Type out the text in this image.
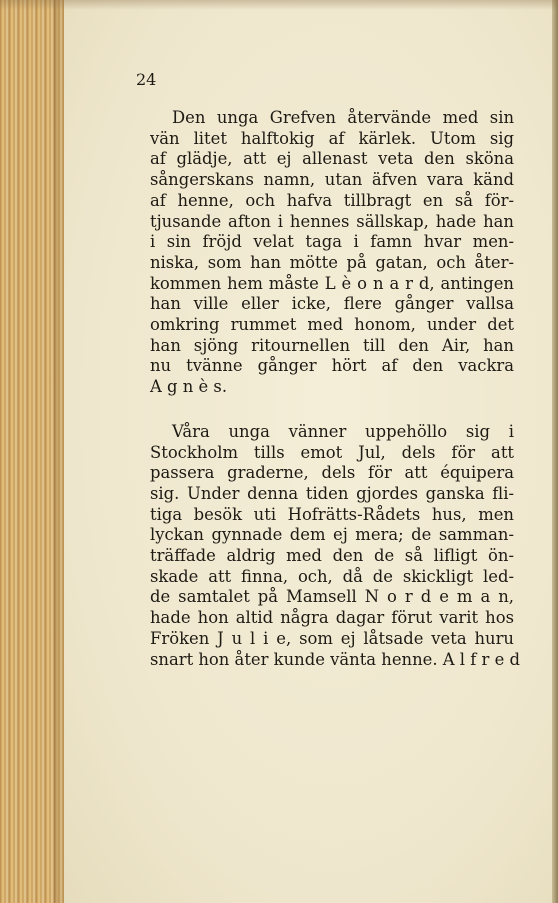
24
Den unga Grefven återvände med sin
vän litet halftokig af kärlek. Utom sig
af glädje, att ej allenast veta den sköna
sångerskans namn, utan äfven vara känd
af henne, och hafva tillbragt en så för-
tjusande afton i hennes sällskap, hade han
i sin fröjd velat taga i famn hvar men-
niska, som han mötte på gatan, och åter-
kommen hem måste L è o n a r d, antingen
han ville eller icke, flere gånger vallsa
omkring rummet med honom, under det
han sjöng ritournellen till den Air, han
nu tvänne gånger hört af den vackra
A g n è s.
Våra unga vänner uppehöllo sig i
Stockholm tills emot Jul, dels för att
passera graderne, dels för att équipera
sig. Under denna tiden gjordes ganska fli-
tiga besök uti Hofrätts-Rådets hus, men
lyckan gynnade dem ej mera; de samman-
träffade aldrig med den de så lifligt ön-
skade att finna, och, då de skickligt led-
de samtalet på Mamsell N o r d e m a n,
hade hon altid några dagar förut varit hos
Fröken J u l i e, som ej låtsade veta huru
snart hon åter kunde vänta henne. A l f r e d
